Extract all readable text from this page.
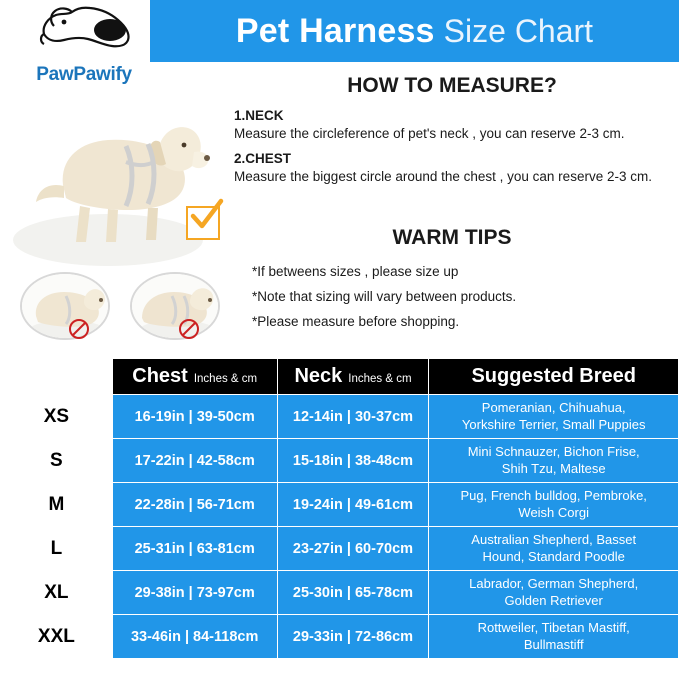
Pet Harness Size Chart
PawPawify	HOW TO MEASURE?
1.NECK
Measure the circleference of pet's neck , you can reserve 2-3 cm.
2.CHEST
Measure the biggest circle around the chest , you can reserve 2-3 cm.
WARM TIPS
*If betweens sizes , please size up
*Note that sizing will vary between products.
*Please measure before shopping.
	Chest Inches & cm	Neck Inches & cm	Suggested Breed
XS	16-19in | 39-50cm	12-14in | 30-37cm	Pomeranian, Chihuahua,
Yorkshire Terrier, Small Puppies
S	17-22in | 42-58cm	15-18in | 38-48cm	Mini Schnauzer, Bichon Frise,
Shih Tzu, Maltese
M	22-28in | 56-71cm	19-24in | 49-61cm	Pug, French bulldog, Pembroke,
Weish Corgi
L	25-31in | 63-81cm	23-27in | 60-70cm	Australian Shepherd, Basset
Hound, Standard Poodle
XL	29-38in | 73-97cm	25-30in | 65-78cm	Labrador, German Shepherd,
Golden Retriever
XXL	33-46in | 84-118cm	29-33in | 72-86cm	Rottweiler, Tibetan Mastiff,
Bullmastiff
